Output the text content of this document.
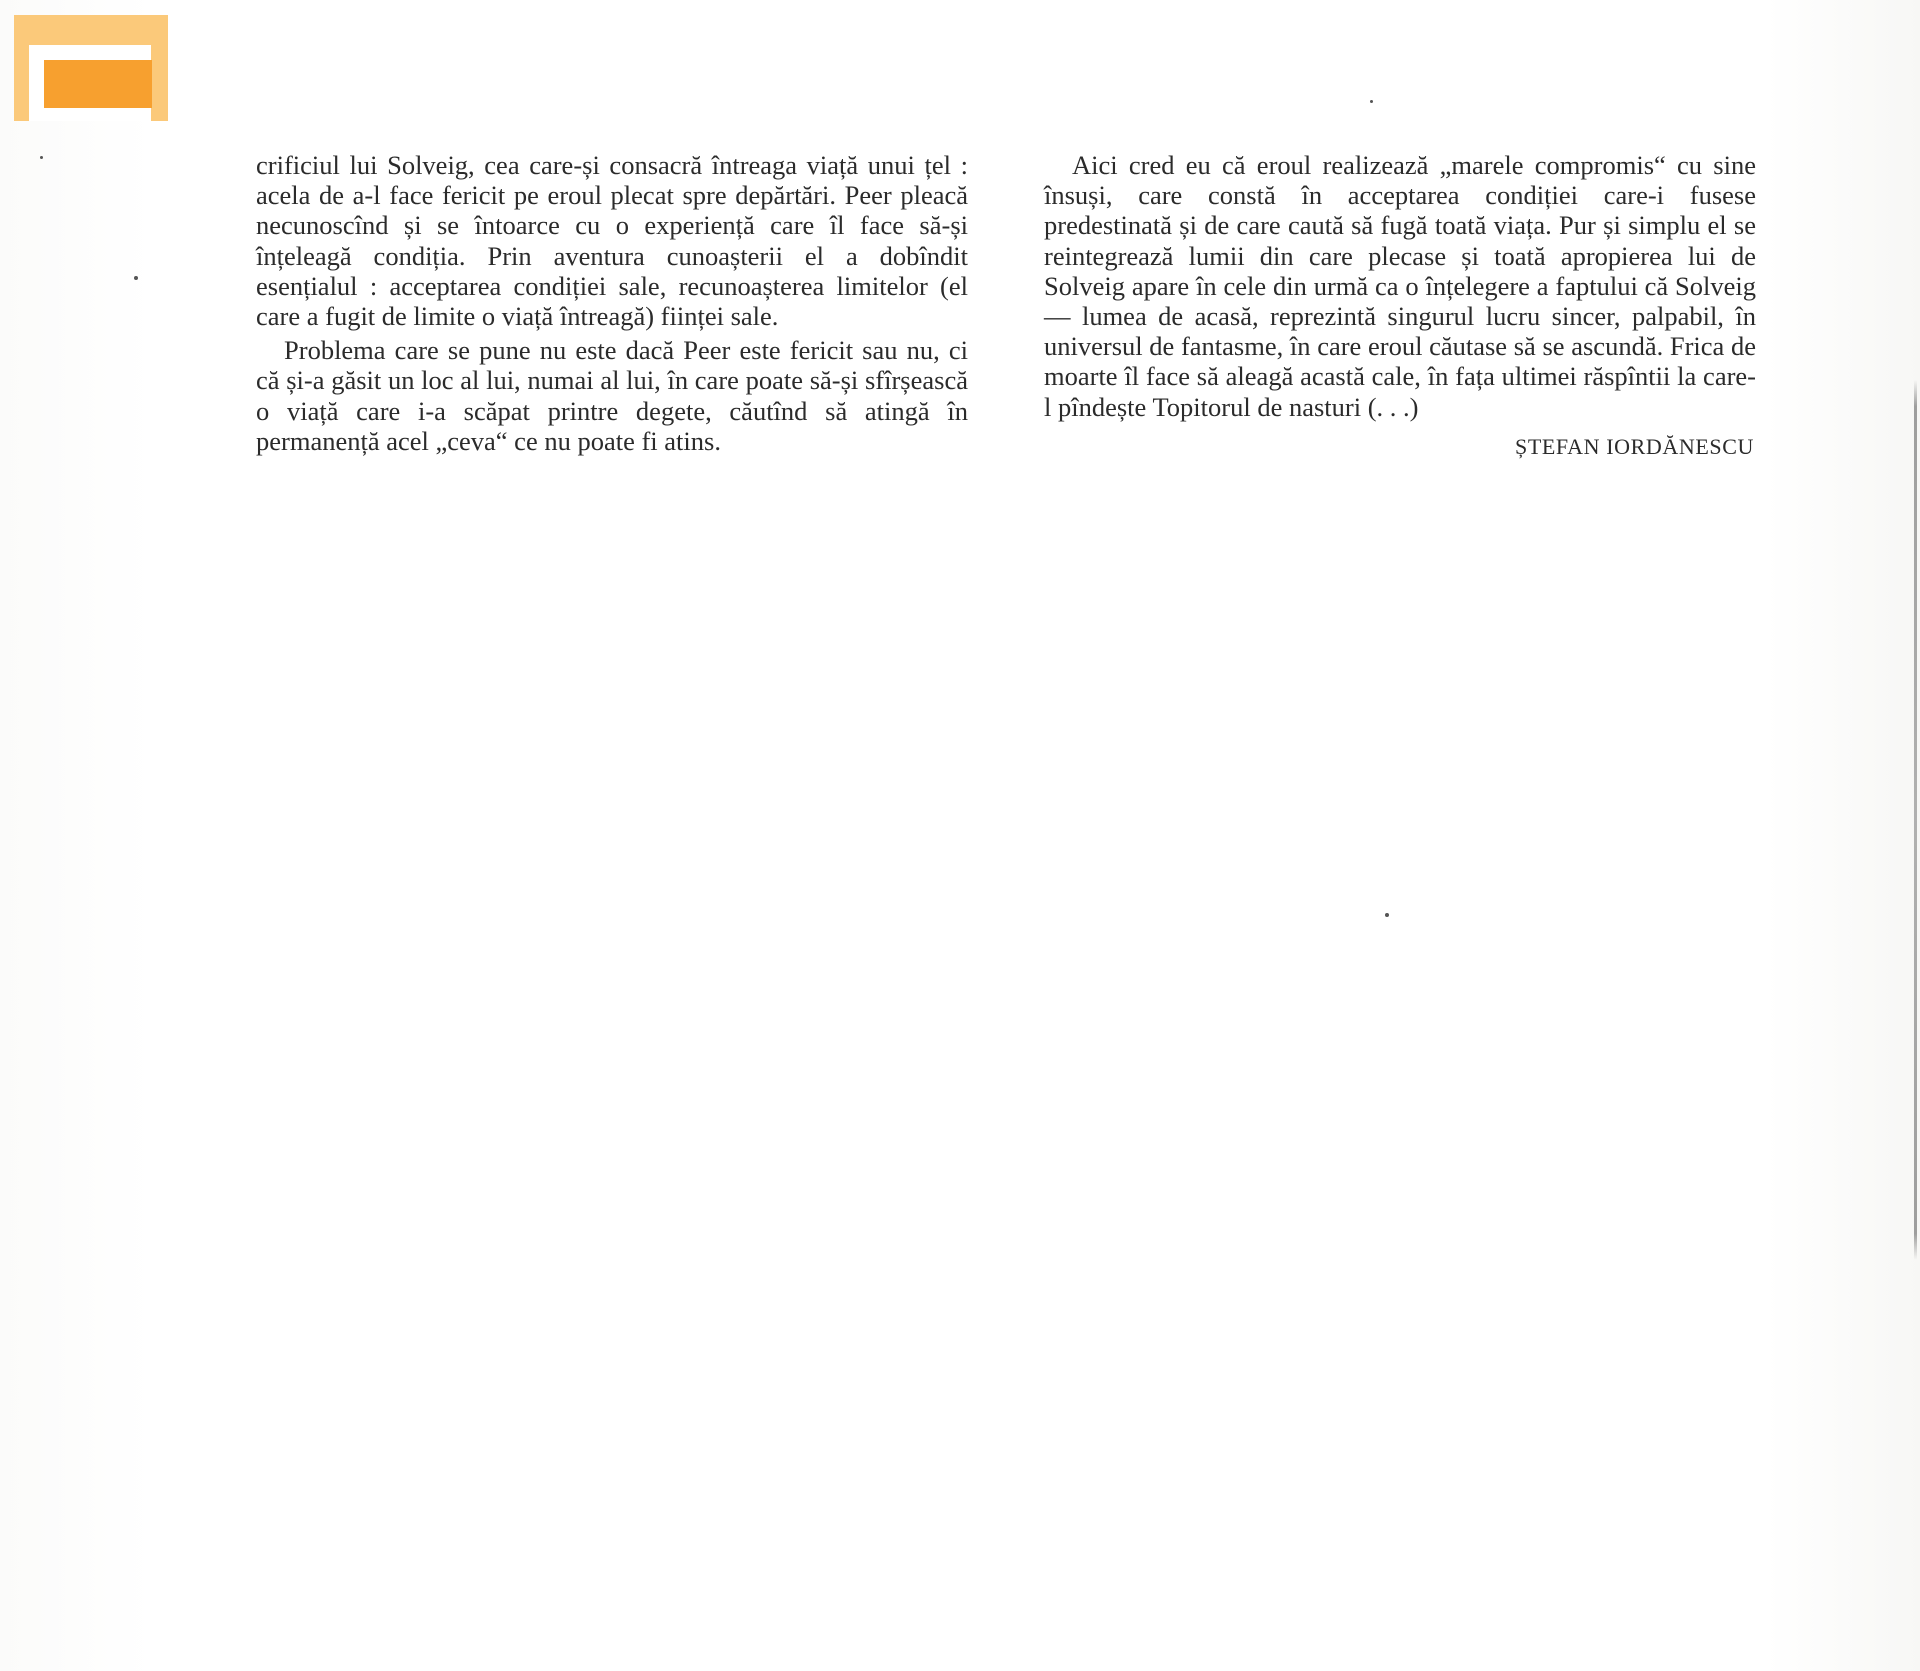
crificiul lui Solveig, cea care-și consacră întreaga viață unui țel : acela de a-l face fericit pe eroul plecat spre depărtări. Peer pleacă necunoscînd și se întoarce cu o experiență care îl face să-și înțeleagă condiția. Prin aventura cunoașterii el a dobîndit esențialul : acceptarea condiției sale, recunoașterea limitelor (el care a fugit de limite o viață întreagă) ființei sale.

Problema care se pune nu este dacă Peer este fericit sau nu, ci că și-a găsit un loc al lui, numai al lui, în care poate să-și sfîrșească o viață care i-a scăpat printre degete, căutînd să atingă în permanență acel „ceva“ ce nu poate fi atins.

Aici cred eu că eroul realizează „marele compromis“ cu sine însuși, care constă în acceptarea condiției care-i fusese predestinată și de care caută să fugă toată viața. Pur și simplu el se reintegrează lumii din care plecase și toată apropierea lui de Solveig apare în cele din urmă ca o înțelegere a faptului că Solveig — lumea de acasă, reprezintă singurul lucru sincer, palpabil, în universul de fantasme, în care eroul căutase să se ascundă. Frica de moarte îl face să aleagă acastă cale, în fața ultimei răspîntii la care-l pîndește Topitorul de nasturi (. . .)

ȘTEFAN IORDĂNESCU
